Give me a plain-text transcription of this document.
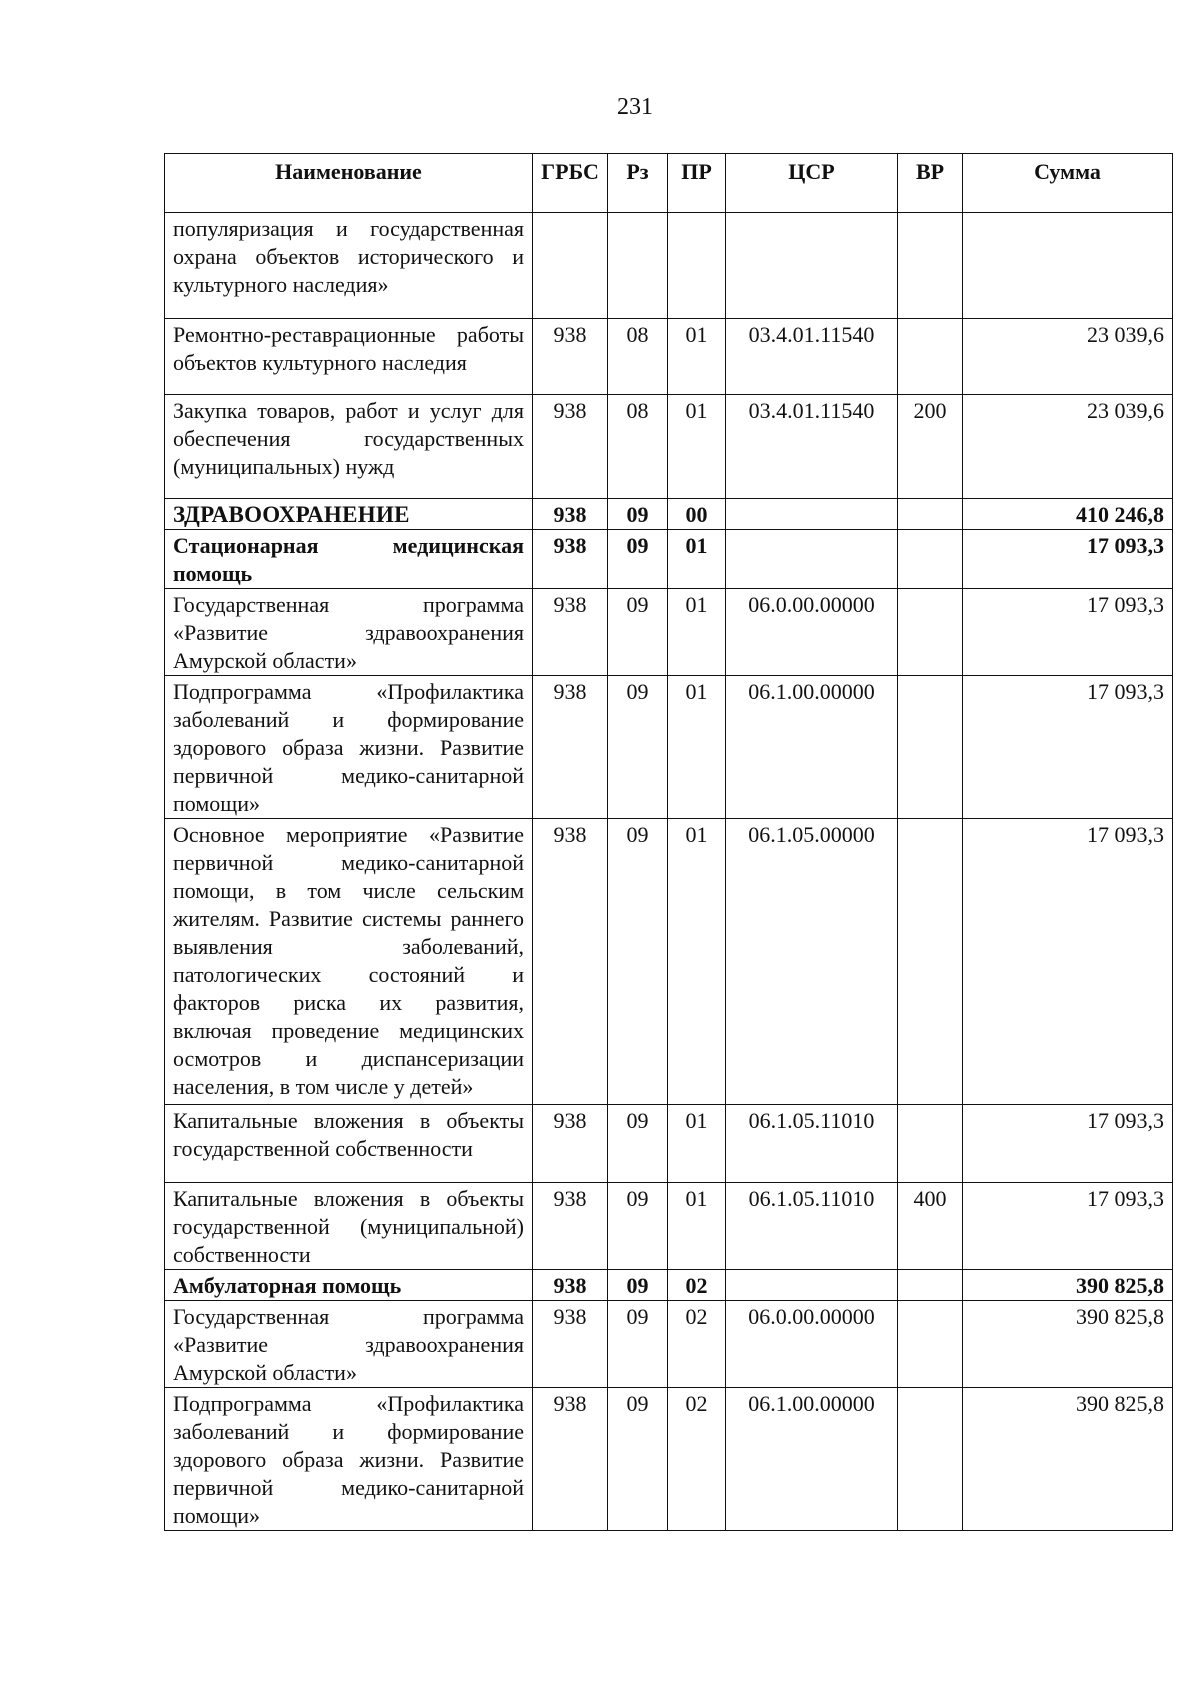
231
Наименование	ГРБС	Рз	ПР	ЦСР	ВР	Сумма
популяризация и государственная охрана объектов исторического и культурного наследия»						
Ремонтно-реставрационные работы объектов культурного наследия	938	08	01	03.4.01.11540		23 039,6
Закупка товаров, работ и услуг для обеспечения государственных (муниципальных) нужд	938	08	01	03.4.01.11540	200	23 039,6
ЗДРАВООХРАНЕНИЕ	938	09	00			410 246,8
Стационарная медицинская помощь	938	09	01			17 093,3
Государственная программа «Развитие здравоохранения Амурской области»	938	09	01	06.0.00.00000		17 093,3
Подпрограмма «Профилактика заболеваний и формирование здорового образа жизни. Развитие первичной медико-санитарной помощи»	938	09	01	06.1.00.00000		17 093,3
Основное мероприятие «Развитие первичной медико-санитарной помощи, в том числе сельским жителям. Развитие системы раннего выявления заболеваний, патологических состояний и факторов риска их развития, включая проведение медицинских осмотров и диспансеризации населения, в том числе у детей»	938	09	01	06.1.05.00000		17 093,3
Капитальные вложения в объекты государственной собственности	938	09	01	06.1.05.11010		17 093,3
Капитальные вложения в объекты государственной (муниципальной) собственности	938	09	01	06.1.05.11010	400	17 093,3
Амбулаторная помощь	938	09	02			390 825,8
Государственная программа «Развитие здравоохранения Амурской области»	938	09	02	06.0.00.00000		390 825,8
Подпрограмма «Профилактика заболеваний и формирование здорового образа жизни. Развитие первичной медико-санитарной помощи»	938	09	02	06.1.00.00000		390 825,8
